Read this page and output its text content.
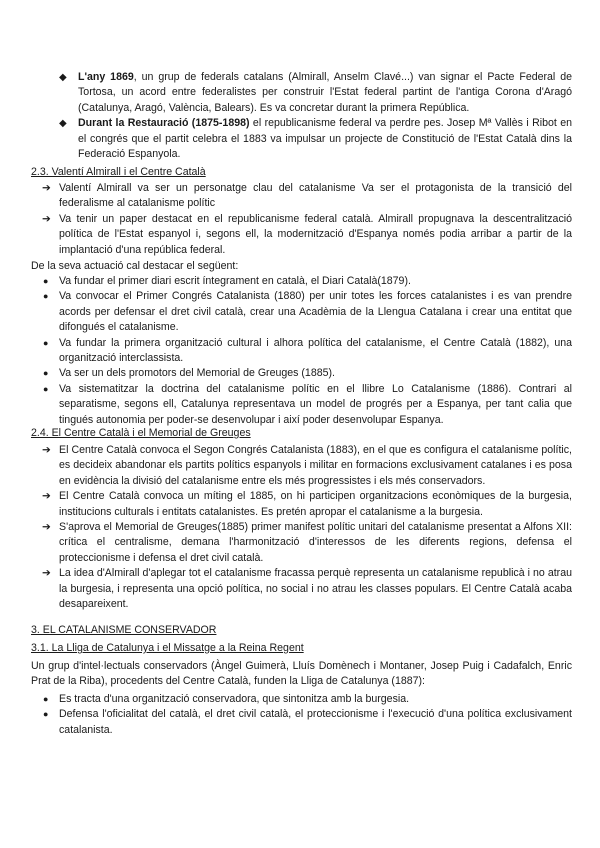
◆ L'any 1869, un grup de federals catalans (Almirall, Anselm Clavé...) van signar el Pacte Federal de Tortosa, un acord entre federalistes per construir l'Estat federal partint de l'antiga Corona d'Aragó (Catalunya, Aragó, València, Balears). Es va concretar durant la primera República.
◆ Durant la Restauració (1875-1898) el republicanisme federal va perdre pes. Josep Mª Vallès i Ribot en el congrés que el partit celebra el 1883 va impulsar un projecte de Constitució de l'Estat Català dins la Federació Espanyola.
2.3. Valentí Almirall i el Centre Català
➔ Valentí Almirall va ser un personatge clau del catalanisme Va ser el protagonista de la transició del federalisme al catalanisme polític
➔ Va tenir un paper destacat en el republicanisme federal català. Almirall propugnava la descentralització política de l'Estat espanyol i, segons ell, la modernització d'Espanya només podia arribar a partir de la implantació d'una república federal.
De la seva actuació cal destacar el següent:
● Va fundar el primer diari escrit íntegrament en català, el Diari Català(1879).
● Va convocar el Primer Congrés Catalanista (1880) per unir totes les forces catalanistes i es van prendre acords per defensar el dret civil català, crear una Acadèmia de la Llengua Catalana i crear una entitat que difongués el catalanisme.
● Va fundar la primera organització cultural i alhora política del catalanisme, el Centre Català (1882), una organització interclassista.
● Va ser un dels promotors del Memorial de Greuges (1885).
● Va sistematitzar la doctrina del catalanisme polític en el llibre Lo Catalanisme (1886). Contrari al separatisme, segons ell, Catalunya representava un model de progrés per a Espanya, per tant calia que tingués autonomia per poder-se desenvolupar i així poder desenvolupar Espanya.
2.4. El Centre Català i el Memorial de Greuges
➔ El Centre Català convoca el Segon Congrés Catalanista (1883), en el que es configura el catalanisme polític, es decideix abandonar els partits polítics espanyols i militar en formacions exclusivament catalanes i es posa en evidència la divisió del catalanisme entre els més progressistes i els més conservadors.
➔ El Centre Català convoca un míting el 1885, on hi participen organitzacions econòmiques de la burgesia, institucions culturals i entitats catalanistes. Es pretén apropar el catalanisme a la burgesia.
➔ S'aprova el Memorial de Greuges(1885) primer manifest polític unitari del catalanisme presentat a Alfons XII: crítica el centralisme, demana l'harmonització d'interessos de les diferents regions, defensa el proteccionisme i defensa el dret civil català.
➔ La idea d'Almirall d'aplegar tot el catalanisme fracassa perquè representa un catalanisme republicà i no atrau la burgesia, i representa una opció política, no social i no atrau les classes populars. El Centre Català acaba desapareixent.
3. EL CATALANISME CONSERVADOR
3.1. La Lliga de Catalunya i el Missatge a la Reina Regent
Un grup d'intel·lectuals conservadors (Àngel Guimerà, Lluís Domènech i Montaner, Josep Puig i Cadafalch, Enric Prat de la Riba), procedents del Centre Català, funden la Lliga de Catalunya (1887):
● Es tracta d'una organització conservadora, que sintonitza amb la burgesia.
● Defensa l'oficialitat del català, el dret civil català, el proteccionisme i l'execució d'una política exclusivament catalanista.
